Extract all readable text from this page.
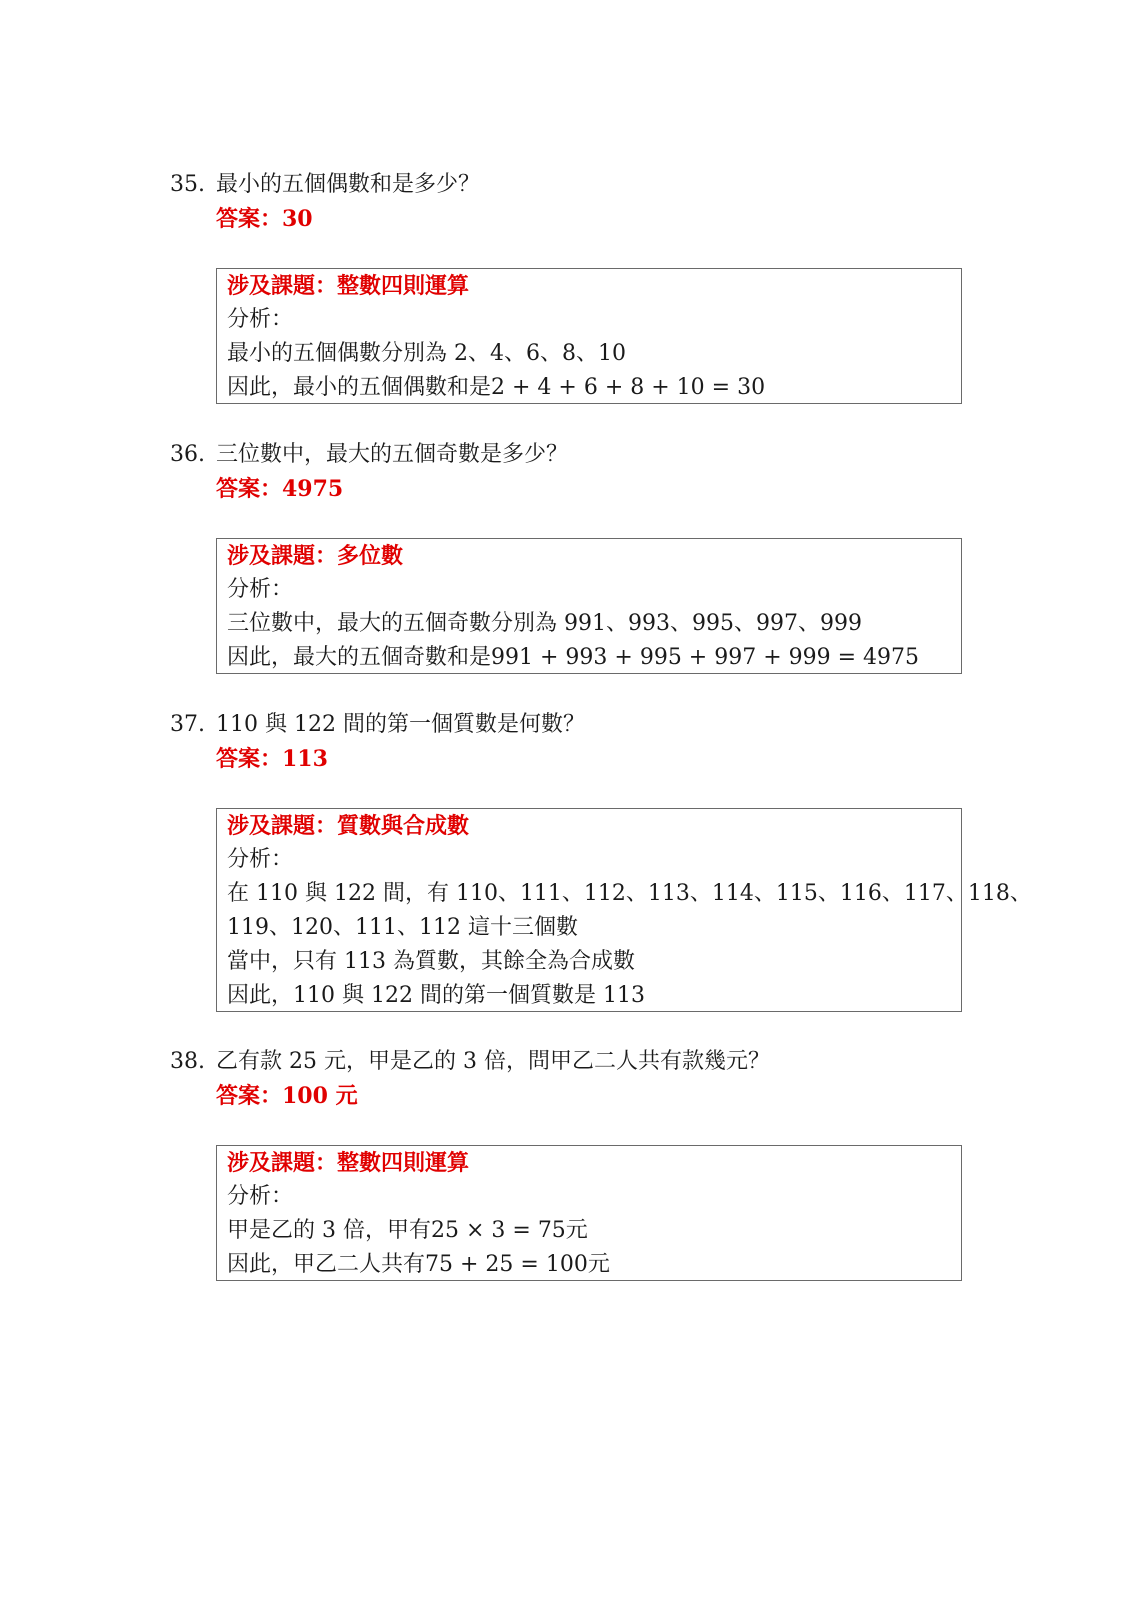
35. 最小的五個偶數和是多少？
答案：30
涉及課題：整數四則運算
分析：
最小的五個偶數分別為 2、4、6、8、10
因此，最小的五個偶數和是2 + 4 + 6 + 8 + 10 = 30
36. 三位數中，最大的五個奇數是多少？
答案：4975
涉及課題：多位數
分析：
三位數中，最大的五個奇數分別為 991、993、995、997、999
因此，最大的五個奇數和是991 + 993 + 995 + 997 + 999 = 4975
37. 110 與 122 間的第一個質數是何數？
答案：113
涉及課題：質數與合成數
分析：
在 110 與 122 間，有 110、111、112、113、114、115、116、117、118、
119、120、111、112 這十三個數
當中，只有 113 為質數，其餘全為合成數
因此，110 與 122 間的第一個質數是 113
38. 乙有款 25 元，甲是乙的 3 倍，問甲乙二人共有款幾元？
答案：100 元
涉及課題：整數四則運算
分析：
甲是乙的 3 倍，甲有25 × 3 = 75元
因此，甲乙二人共有75 + 25 = 100元
